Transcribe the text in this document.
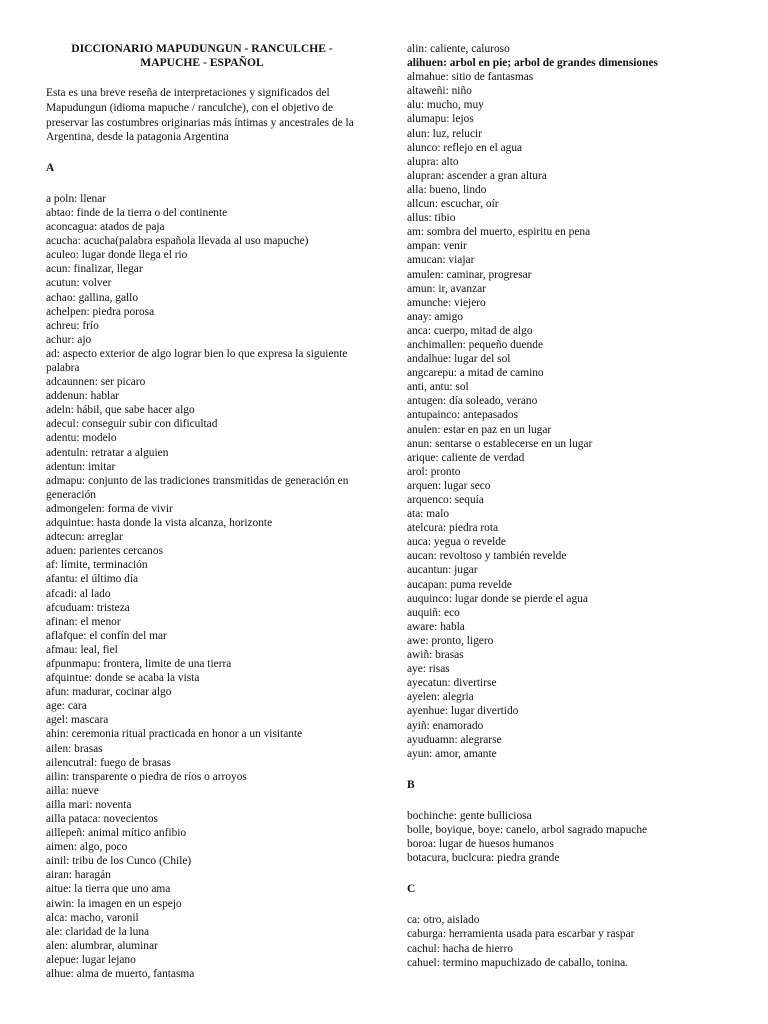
DICCIONARIO MAPUDUNGUN - RANCULCHE - MAPUCHE - ESPAÑOL
Esta es una breve reseña de interpretaciones y significados del Mapudungun (idioma mapuche / ranculche), con el objetivo de preservar las costumbres originarias más íntimas y ancestrales de la Argentina, desde la patagonia Argentina
A
a poln: llenar
abtao: finde de la tierra o del continente
aconcagua: atados de paja
acucha: acucha(palabra española llevada al uso mapuche)
aculeo: lugar donde llega el rio
acun: finalizar, llegar
acutun: volver
achao: gallina, gallo
achelpen: piedra porosa
achreu: frío
achur: ajo
ad: aspecto exterior de algo lograr bien lo que expresa la siguiente palabra
adcaunnen: ser picaro
addenun: hablar
adeln: hábil, que sabe hacer algo
adecul: conseguir subir con dificultad
adentu: modelo
adentuln: retratar a alguien
adentun: imitar
admapu: conjunto de las tradiciones transmitidas de generación en generación
admongelen: forma de vivir
adquintue: hasta donde la vista alcanza, horizonte
adtecun: arreglar
aduen: parientes cercanos
af: límite, terminación
afantu: el último día
afcadi: al lado
afcuduam: tristeza
afinan: el menor
aflafque: el confín del mar
afmau: leal, fiel
afpunmapu: frontera, limite de una tierra
afquintue: donde se acaba la vista
afun: madurar, cocinar algo
age: cara
agel: mascara
ahin: ceremonia ritual practicada en honor a un visitante
ailen: brasas
ailencutral: fuego de brasas
ailin: transparente o piedra de ríos o arroyos
ailla: nueve
ailla mari: noventa
ailla pataca: novecientos
aillepeñ: animal mítico anfibio
aimen: algo, poco
ainil: tribu de los Cunco (Chile)
airan: haragán
aitue: la tierra que uno ama
aiwin: la imagen en un espejo
alca: macho, varonil
ale: claridad de la luna
alen: alumbrar, aluminar
alepue: lugar lejano
alhue: alma de muerto, fantasma
alin: caliente, caluroso
alihuen: arbol en pie; arbol de grandes dimensiones
almahue: sitio de fantasmas
altaweñi: niño
alu: mucho, muy
alumapu: lejos
alun: luz, relucir
alunco: reflejo en el agua
alupra: alto
alupran: ascender a gran altura
alla: bueno, lindo
allcun: escuchar, oír
allus: tibio
am: sombra del muerto, espiritu en pena
ampan: venir
amucan: viajar
amulen: caminar, progresar
amun: ir, avanzar
amunche: viejero
anay: amigo
anca: cuerpo, mitad de algo
anchimallen: pequeño duende
andalhue: lugar del sol
angcarepu: a mitad de camino
anti, antu: sol
antugen: día soleado, verano
antupainco: antepasados
anulen: estar en paz en un lugar
anun: sentarse o establecerse en un lugar
arique: caliente de verdad
arol: pronto
arquen: lugar seco
arquenco: sequía
ata: malo
atelcura: piedra rota
auca: yegua o revelde
aucan: revoltoso y también revelde
aucantun: jugar
aucapan: puma revelde
auquinco: lugar donde se pierde el agua
auquiñ: eco
aware: habla
awe: pronto, ligero
awiñ: brasas
aye: risas
ayecatun: divertirse
ayelen: alegria
ayenhue: lugar divertido
ayiñ: enamorado
ayuduamn: alegrarse
ayun: amor, amante
B
bochinche: gente bulliciosa
bolle, boyique, boye: canelo, arbol sagrado mapuche
boroa: lugar de huesos humanos
botacura, buclcura: piedra grande
C
ca: otro, aislado
caburga: herramienta usada para escarbar y raspar
cachul: hacha de hierro
cahuel: termino mapuchizado de caballo, tonina.
